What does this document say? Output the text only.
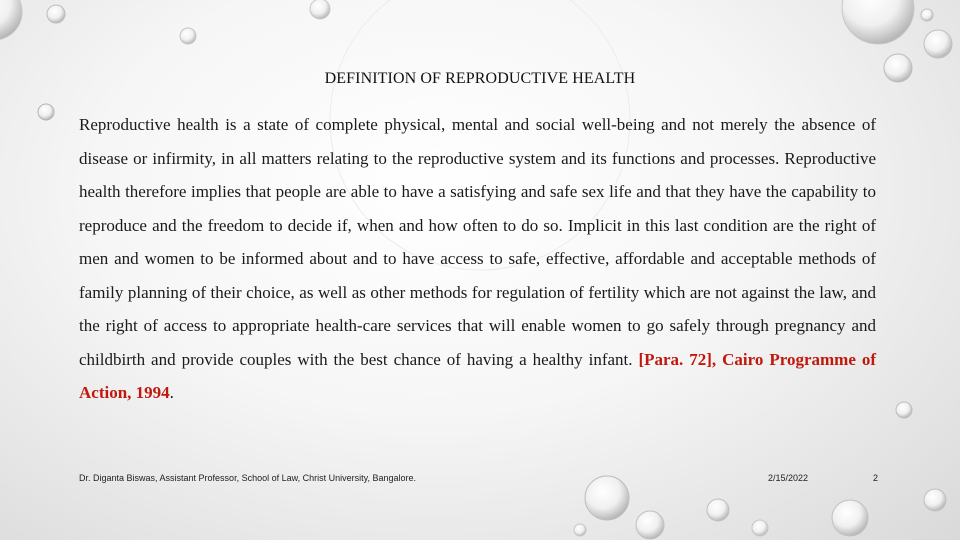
DEFINITION OF REPRODUCTIVE HEALTH
Reproductive health is a state of complete physical, mental and social well-being and not merely the absence of disease or infirmity, in all matters relating to the reproductive system and its functions and processes. Reproductive health therefore implies that people are able to have a satisfying and safe sex life and that they have the capability to reproduce and the freedom to decide if, when and how often to do so. Implicit in this last condition are the right of men and women to be informed about and to have access to safe, effective, affordable and acceptable methods of family planning of their choice, as well as other methods for regulation of fertility which are not against the law, and the right of access to appropriate health-care services that will enable women to go safely through pregnancy and childbirth and provide couples with the best chance of having a healthy infant. [Para. 72], Cairo Programme of Action, 1994.
Dr. Diganta Biswas, Assistant Professor, School of Law, Christ University, Bangalore.	2/15/2022	2
